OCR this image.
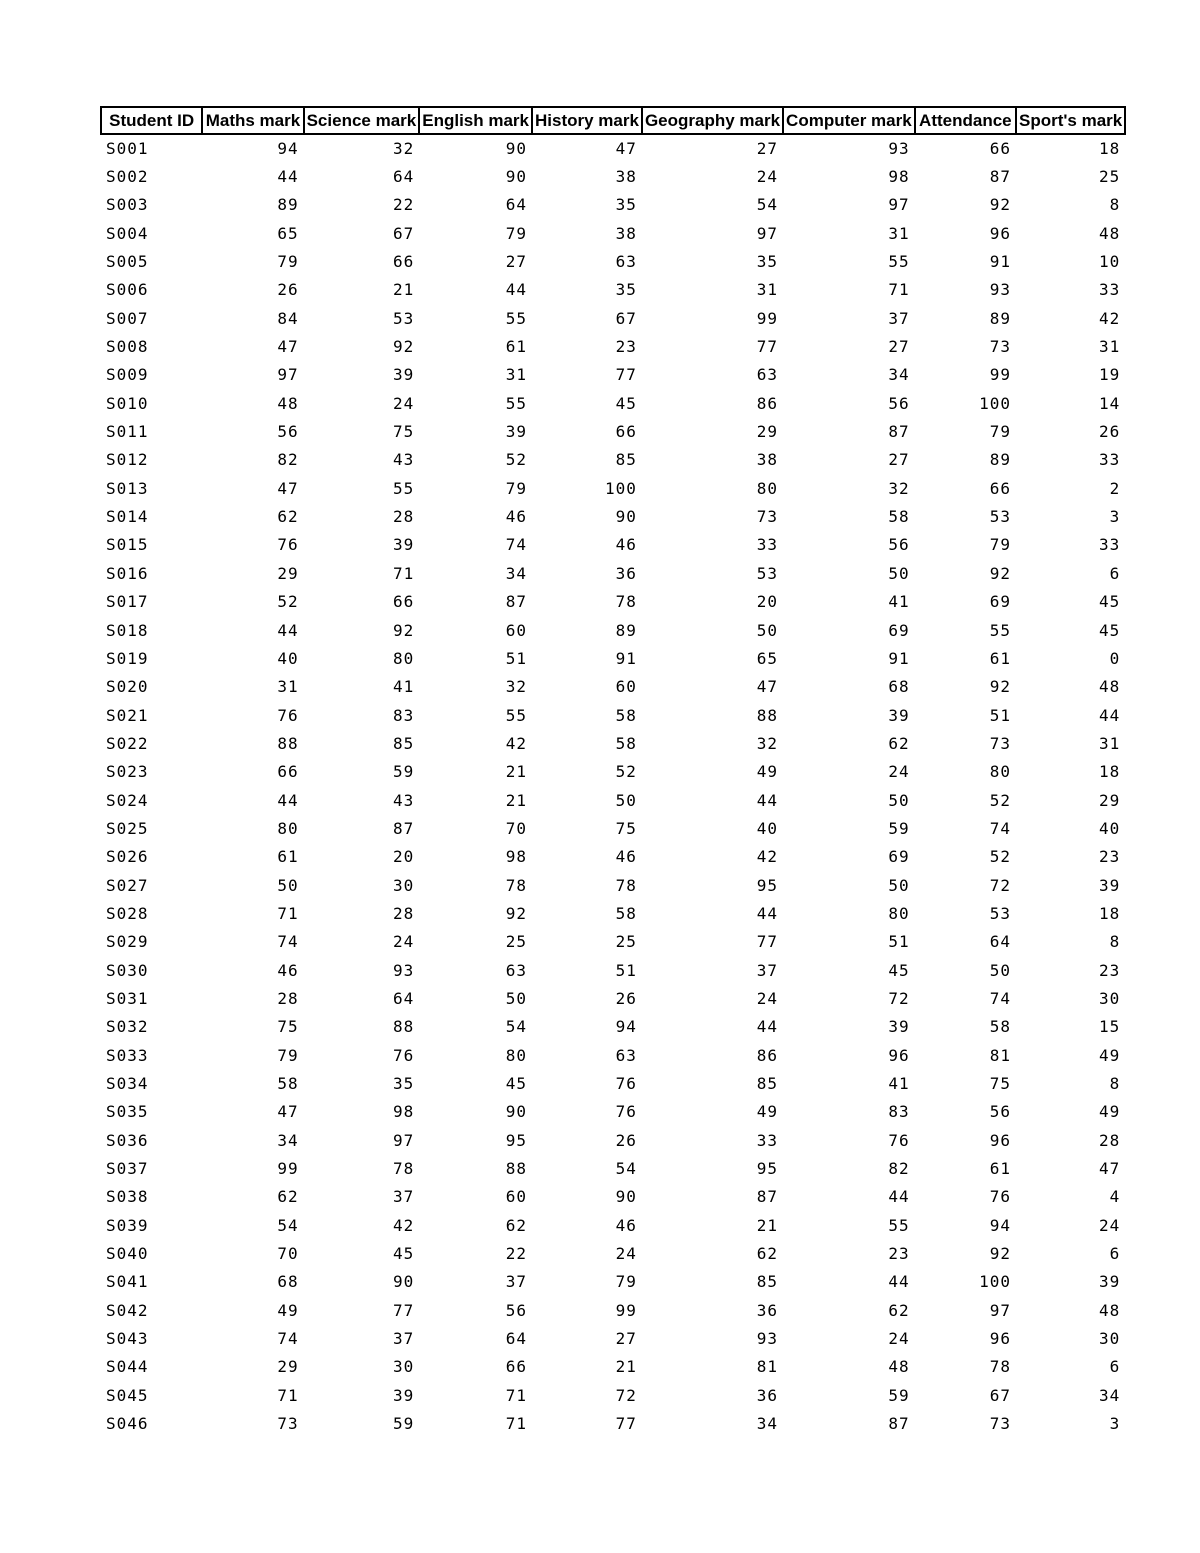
Student ID	Maths mark	Science mark	English mark	History mark	Geography mark	Computer mark	Attendance	Sport's mark
S001	94	32	90	47	27	93	66	18
S002	44	64	90	38	24	98	87	25
S003	89	22	64	35	54	97	92	8
S004	65	67	79	38	97	31	96	48
S005	79	66	27	63	35	55	91	10
S006	26	21	44	35	31	71	93	33
S007	84	53	55	67	99	37	89	42
S008	47	92	61	23	77	27	73	31
S009	97	39	31	77	63	34	99	19
S010	48	24	55	45	86	56	100	14
S011	56	75	39	66	29	87	79	26
S012	82	43	52	85	38	27	89	33
S013	47	55	79	100	80	32	66	2
S014	62	28	46	90	73	58	53	3
S015	76	39	74	46	33	56	79	33
S016	29	71	34	36	53	50	92	6
S017	52	66	87	78	20	41	69	45
S018	44	92	60	89	50	69	55	45
S019	40	80	51	91	65	91	61	0
S020	31	41	32	60	47	68	92	48
S021	76	83	55	58	88	39	51	44
S022	88	85	42	58	32	62	73	31
S023	66	59	21	52	49	24	80	18
S024	44	43	21	50	44	50	52	29
S025	80	87	70	75	40	59	74	40
S026	61	20	98	46	42	69	52	23
S027	50	30	78	78	95	50	72	39
S028	71	28	92	58	44	80	53	18
S029	74	24	25	25	77	51	64	8
S030	46	93	63	51	37	45	50	23
S031	28	64	50	26	24	72	74	30
S032	75	88	54	94	44	39	58	15
S033	79	76	80	63	86	96	81	49
S034	58	35	45	76	85	41	75	8
S035	47	98	90	76	49	83	56	49
S036	34	97	95	26	33	76	96	28
S037	99	78	88	54	95	82	61	47
S038	62	37	60	90	87	44	76	4
S039	54	42	62	46	21	55	94	24
S040	70	45	22	24	62	23	92	6
S041	68	90	37	79	85	44	100	39
S042	49	77	56	99	36	62	97	48
S043	74	37	64	27	93	24	96	30
S044	29	30	66	21	81	48	78	6
S045	71	39	71	72	36	59	67	34
S046	73	59	71	77	34	87	73	3
